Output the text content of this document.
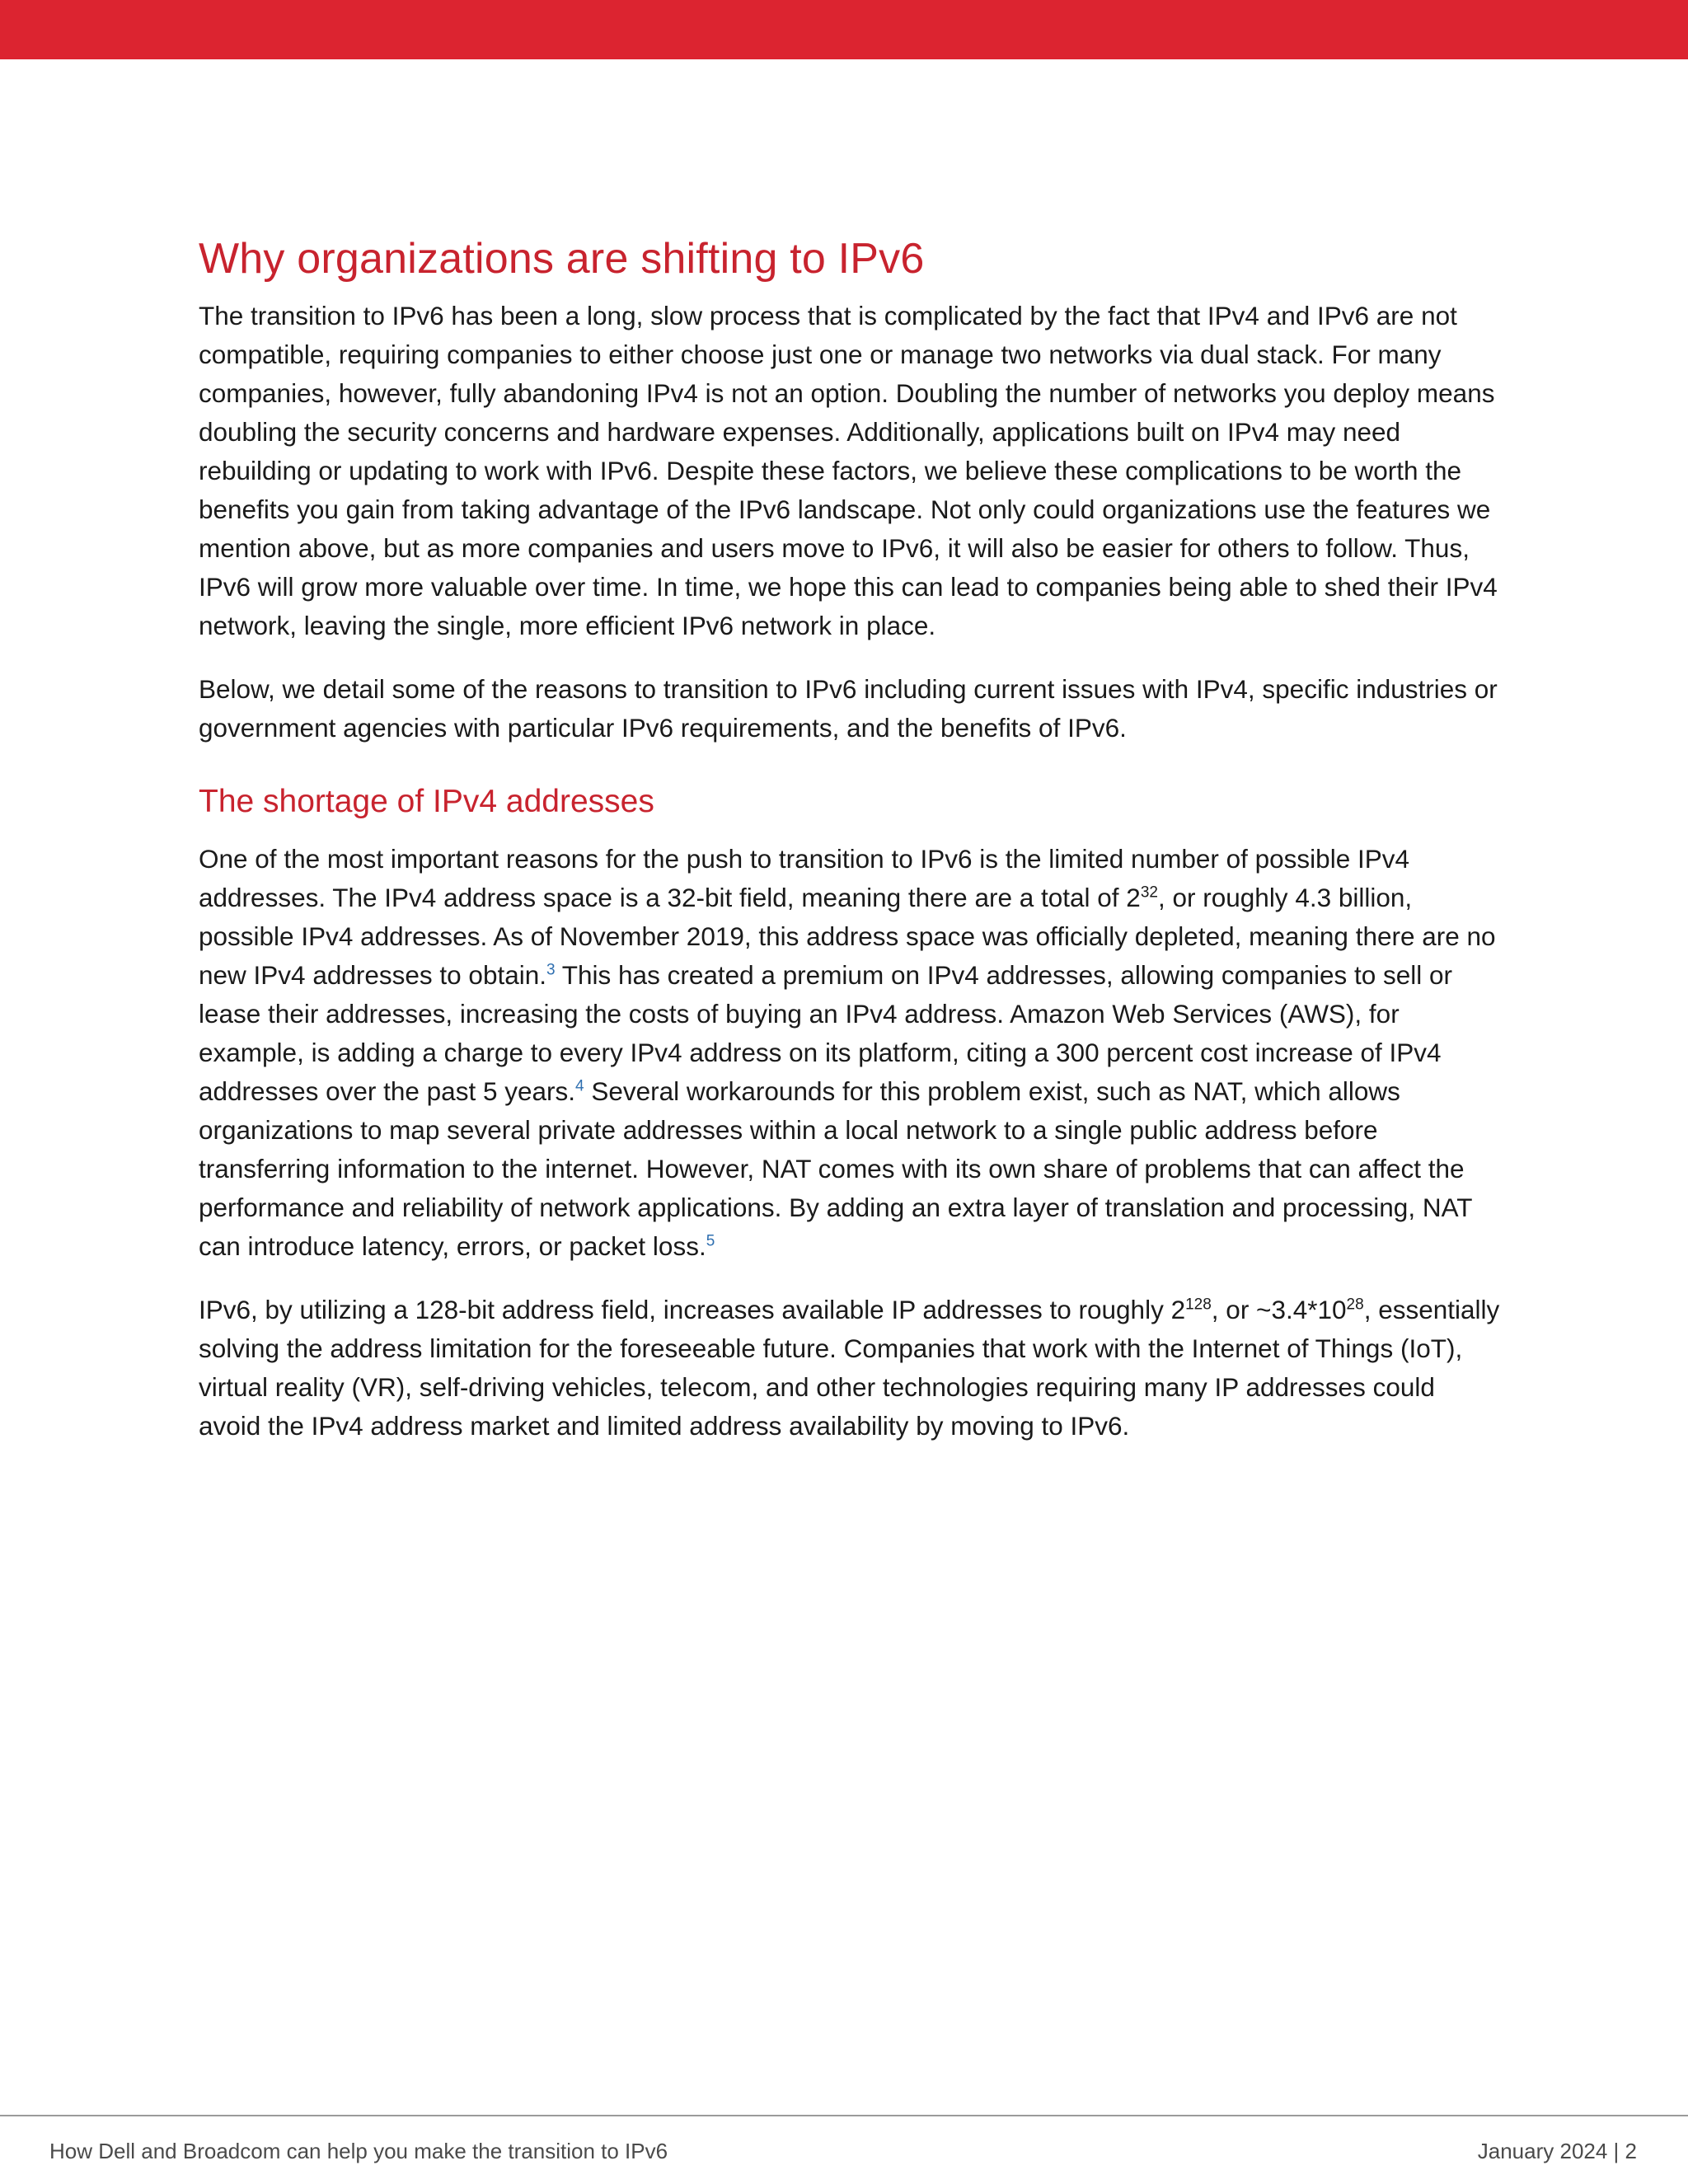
Why organizations are shifting to IPv6

The transition to IPv6 has been a long, slow process that is complicated by the fact that IPv4 and IPv6 are not compatible, requiring companies to either choose just one or manage two networks via dual stack. For many companies, however, fully abandoning IPv4 is not an option. Doubling the number of networks you deploy means doubling the security concerns and hardware expenses. Additionally, applications built on IPv4 may need rebuilding or updating to work with IPv6. Despite these factors, we believe these complications to be worth the benefits you gain from taking advantage of the IPv6 landscape. Not only could organizations use the features we mention above, but as more companies and users move to IPv6, it will also be easier for others to follow. Thus, IPv6 will grow more valuable over time. In time, we hope this can lead to companies being able to shed their IPv4 network, leaving the single, more efficient IPv6 network in place.

Below, we detail some of the reasons to transition to IPv6 including current issues with IPv4, specific industries or government agencies with particular IPv6 requirements, and the benefits of IPv6.

The shortage of IPv4 addresses

One of the most important reasons for the push to transition to IPv6 is the limited number of possible IPv4 addresses. The IPv4 address space is a 32-bit field, meaning there are a total of $2^{32}$, or roughly 4.3 billion, possible IPv4 addresses. As of November 2019, this address space was officially depleted, meaning there are no new IPv4 addresses to obtain.$^3$ This has created a premium on IPv4 addresses, allowing companies to sell or lease their addresses, increasing the costs of buying an IPv4 address. Amazon Web Services (AWS), for example, is adding a charge to every IPv4 address on its platform, citing a 300 percent cost increase of IPv4 addresses over the past 5 years.$^4$ Several workarounds for this problem exist, such as NAT, which allows organizations to map several private addresses within a local network to a single public address before transferring information to the internet. However, NAT comes with its own share of problems that can affect the performance and reliability of network applications. By adding an extra layer of translation and processing, NAT can introduce latency, errors, or packet loss.$^5$

IPv6, by utilizing a 128-bit address field, increases available IP addresses to roughly $2^{128}$, or $\sim 3.4*10^{28}$, essentially solving the address limitation for the foreseeable future. Companies that work with the Internet of Things (IoT), virtual reality (VR), self-driving vehicles, telecom, and other technologies requiring many IP addresses could avoid the IPv4 address market and limited address availability by moving to IPv6.

How Dell and Broadcom can help you make the transition to IPv6	January 2024 | 2
